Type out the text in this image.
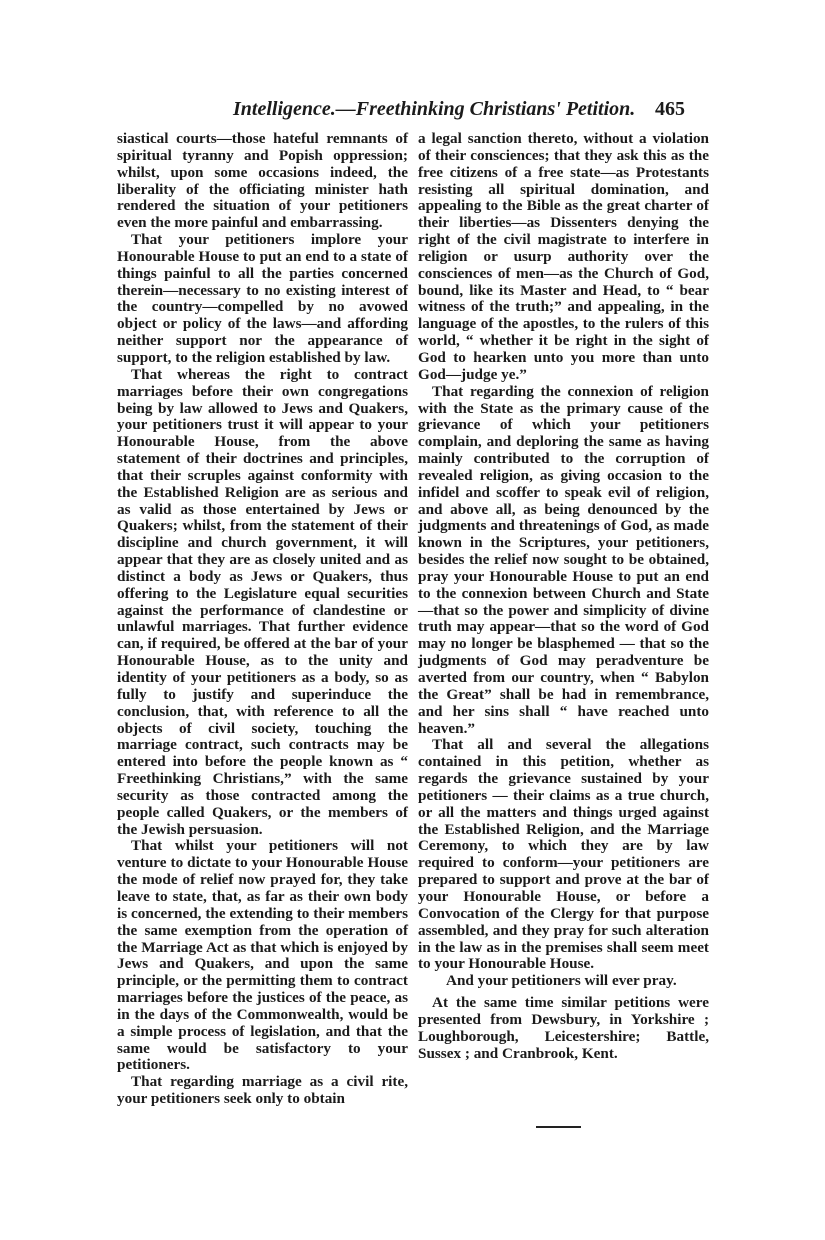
Intelligence.—Freethinking Christians' Petition. 465

siastical courts—those hateful remnants of spiritual tyranny and Popish oppression; whilst, upon some occasions indeed, the liberality of the officiating minister hath rendered the situation of your petitioners even the more painful and embarrassing.

That your petitioners implore your Honourable House to put an end to a state of things painful to all the parties concerned therein—necessary to no existing interest of the country—compelled by no avowed object or policy of the laws—and affording neither support nor the appearance of support, to the religion established by law.

That whereas the right to contract marriages before their own congregations being by law allowed to Jews and Quakers, your petitioners trust it will appear to your Honourable House, from the above statement of their doctrines and principles, that their scruples against conformity with the Established Religion are as serious and as valid as those entertained by Jews or Quakers; whilst, from the statement of their discipline and church government, it will appear that they are as closely united and as distinct a body as Jews or Quakers, thus offering to the Legislature equal securities against the performance of clandestine or unlawful marriages. That further evidence can, if required, be offered at the bar of your Honourable House, as to the unity and identity of your petitioners as a body, so as fully to justify and superinduce the conclusion, that, with reference to all the objects of civil society, touching the marriage contract, such contracts may be entered into before the people known as “ Freethinking Christians,” with the same security as those contracted among the people called Quakers, or the members of the Jewish persuasion.

That whilst your petitioners will not venture to dictate to your Honourable House the mode of relief now prayed for, they take leave to state, that, as far as their own body is concerned, the extending to their members the same exemption from the operation of the Marriage Act as that which is enjoyed by Jews and Quakers, and upon the same principle, or the permitting them to contract marriages before the justices of the peace, as in the days of the Commonwealth, would be a simple process of legislation, and that the same would be satisfactory to your petitioners.

That regarding marriage as a civil rite, your petitioners seek only to obtain

a legal sanction thereto, without a violation of their consciences; that they ask this as the free citizens of a free state—as Protestants resisting all spiritual domination, and appealing to the Bible as the great charter of their liberties—as Dissenters denying the right of the civil magistrate to interfere in religion or usurp authority over the consciences of men—as the Church of God, bound, like its Master and Head, to “ bear witness of the truth;” and appealing, in the language of the apostles, to the rulers of this world, “ whether it be right in the sight of God to hearken unto you more than unto God—judge ye.”

That regarding the connexion of religion with the State as the primary cause of the grievance of which your petitioners complain, and deploring the same as having mainly contributed to the corruption of revealed religion, as giving occasion to the infidel and scoffer to speak evil of religion, and above all, as being denounced by the judgments and threatenings of God, as made known in the Scriptures, your petitioners, besides the relief now sought to be obtained, pray your Honourable House to put an end to the connexion between Church and State—that so the power and simplicity of divine truth may appear—that so the word of God may no longer be blasphemed — that so the judgments of God may peradventure be averted from our country, when “ Babylon the Great” shall be had in remembrance, and her sins shall “ have reached unto heaven.”

That all and several the allegations contained in this petition, whether as regards the grievance sustained by your petitioners — their claims as a true church, or all the matters and things urged against the Established Religion, and the Marriage Ceremony, to which they are by law required to conform—your petitioners are prepared to support and prove at the bar of your Honourable House, or before a Convocation of the Clergy for that purpose assembled, and they pray for such alteration in the law as in the premises shall seem meet to your Honourable House.

And your petitioners will ever pray.

At the same time similar petitions were presented from Dewsbury, in Yorkshire ; Loughborough, Leicestershire; Battle, Sussex ; and Cranbrook, Kent.
